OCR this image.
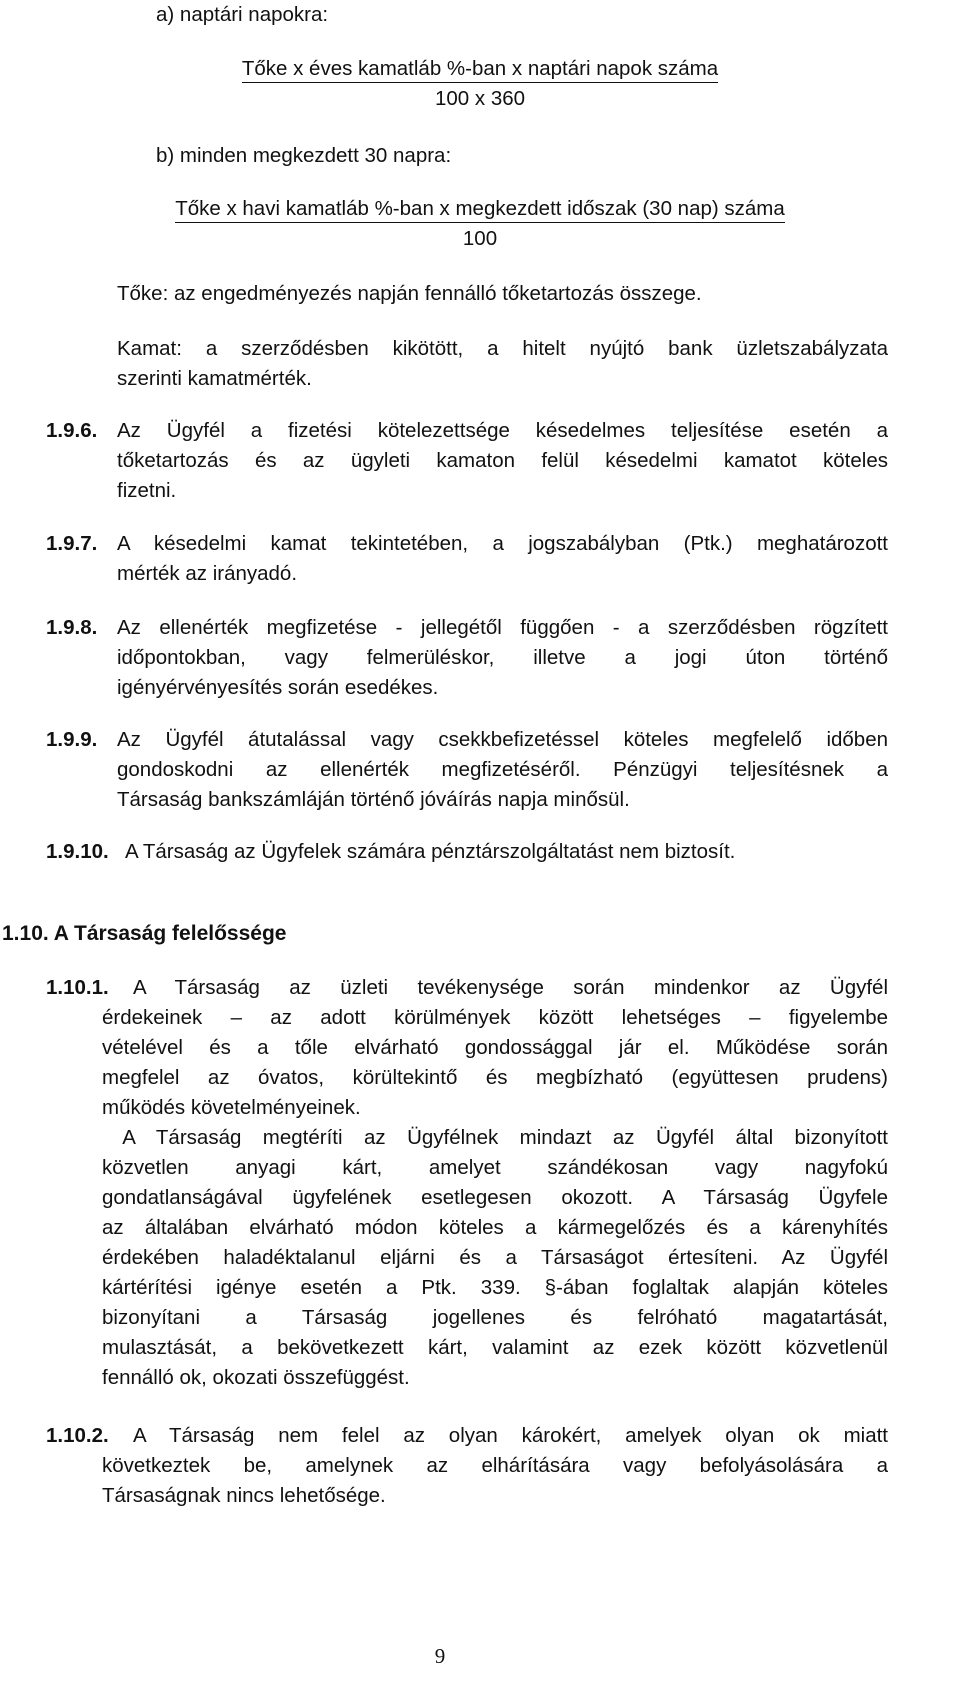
a) naptári napokra:
Tőke x éves kamatláb %-ban x naptári napok száma
100 x 360
b) minden megkezdett 30 napra:
Tőke x havi kamatláb %-ban x megkezdett időszak (30 nap) száma
100
Tőke: az engedményezés napján fennálló tőketartozás összege.
Kamat: a szerződésben kikötött, a hitelt nyújtó bank üzletszabályzata
szerinti kamatmérték.
1.9.6. Az Ügyfél a fizetési kötelezettsége késedelmes teljesítése esetén a
tőketartozás és az ügyleti kamaton felül késedelmi kamatot köteles
fizetni.
1.9.7. A késedelmi kamat tekintetében, a jogszabályban (Ptk.) meghatározott
mérték az irányadó.
1.9.8. Az ellenérték megfizetése - jellegétől függően - a szerződésben rögzített
időpontokban, vagy felmerüléskor, illetve a jogi úton történő
igényérvényesítés során esedékes.
1.9.9. Az Ügyfél átutalással vagy csekkbefizetéssel köteles megfelelő időben
gondoskodni az ellenérték megfizetéséről. Pénzügyi teljesítésnek a
Társaság bankszámláján történő jóváírás napja minősül.
1.9.10. A Társaság az Ügyfelek számára pénztárszolgáltatást nem biztosít.
1.10. A Társaság felelőssége
1.10.1. A Társaság az üzleti tevékenysége során mindenkor az Ügyfél
érdekeinek – az adott körülmények között lehetséges – figyelembe
vételével és a tőle elvárható gondossággal jár el. Működése során
megfelel az óvatos, körültekintő és megbízható (együttesen prudens)
működés követelményeinek.
A Társaság megtéríti az Ügyfélnek mindazt az Ügyfél által bizonyított
közvetlen anyagi kárt, amelyet szándékosan vagy nagyfokú
gondatlanságával ügyfelének esetlegesen okozott. A Társaság Ügyfele
az általában elvárható módon köteles a kármegelőzés és a kárenyhítés
érdekében haladéktalanul eljárni és a Társaságot értesíteni. Az Ügyfél
kártérítési igénye esetén a Ptk. 339. §-ában foglaltak alapján köteles
bizonyítani a Társaság jogellenes és felróható magatartását,
mulasztását, a bekövetkezett kárt, valamint az ezek között közvetlenül
fennálló ok, okozati összefüggést.
1.10.2. A Társaság nem felel az olyan károkért, amelyek olyan ok miatt
következtek be, amelynek az elhárítására vagy befolyásolására a
Társaságnak nincs lehetősége.
9
